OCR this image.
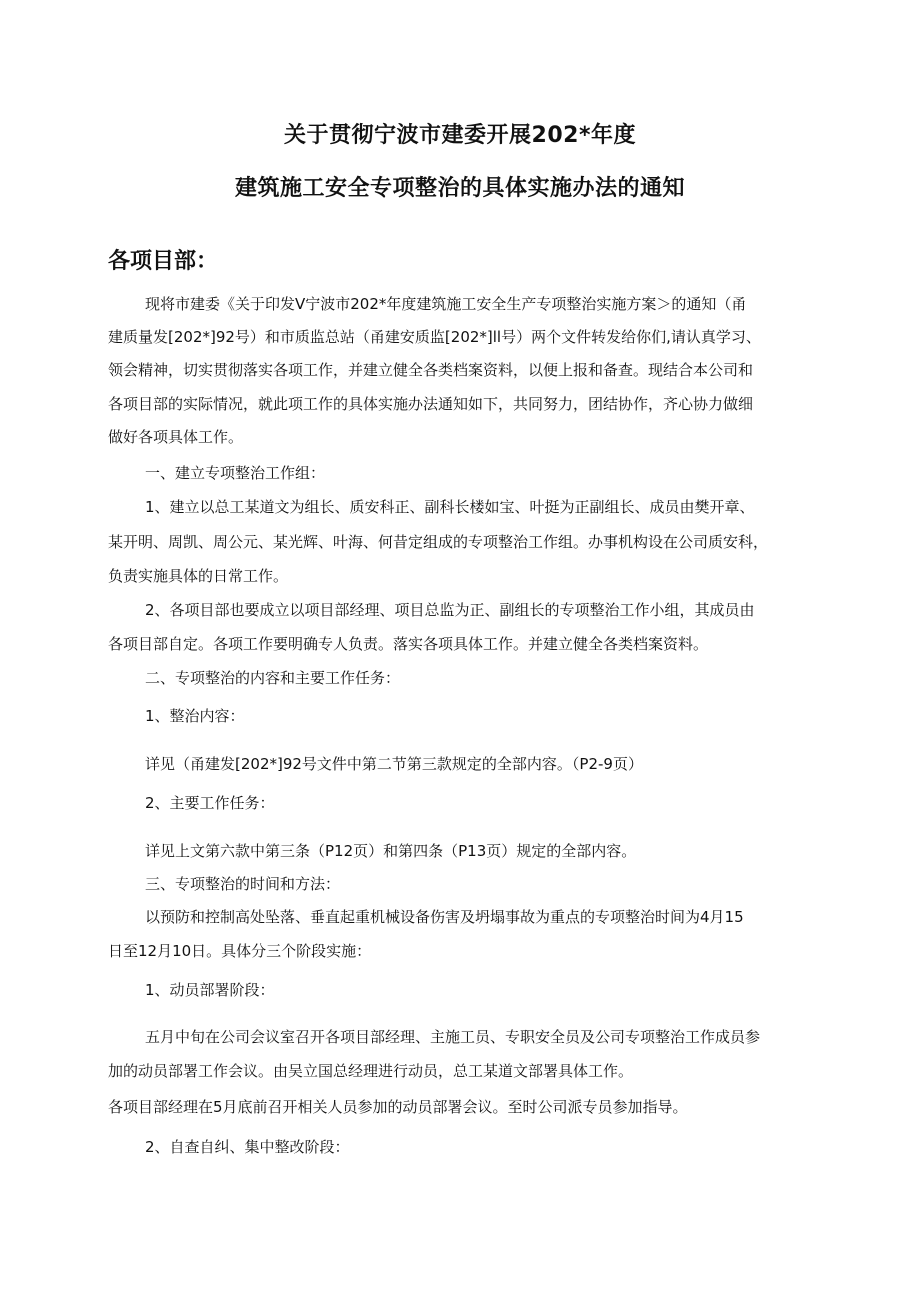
关于贯彻宁波市建委开展202*年度
建筑施工安全专项整治的具体实施办法的通知
各项目部：
现将市建委《关于印发Ⅴ宁波市202*年度建筑施工安全生产专项整治实施方案＞的通知（甬
建质量发[202*]92号）和市质监总站（甬建安质监[202*]ll号）两个文件转发给你们,请认真学习、
领会精神，切实贯彻落实各项工作，并建立健全各类档案资料，以便上报和备查。现结合本公司和
各项目部的实际情况，就此项工作的具体实施办法通知如下，共同努力，团结协作，齐心协力做细
做好各项具体工作。
一、建立专项整治工作组：
1、建立以总工某道文为组长、质安科正、副科长楼如宝、叶挺为正副组长、成员由樊开章、
某开明、周凯、周公元、某光辉、叶海、何昔定组成的专项整治工作组。办事机构设在公司质安科，
负责实施具体的日常工作。
2、各项目部也要成立以项目部经理、项目总监为正、副组长的专项整治工作小组，其成员由
各项目部自定。各项工作要明确专人负责。落实各项具体工作。并建立健全各类档案资料。
二、专项整治的内容和主要工作任务：
1、整治内容：
详见（甬建发[202*]92号文件中第二节第三款规定的全部内容。（P2-9页）
2、主要工作任务：
详见上文第六款中第三条（P12页）和第四条（P13页）规定的全部内容。
三、专项整治的时间和方法：
以预防和控制高处坠落、垂直起重机械设备伤害及坍塌事故为重点的专项整治时间为4月15
日至12月10日。具体分三个阶段实施：
1、动员部署阶段：
五月中旬在公司会议室召开各项目部经理、主施工员、专职安全员及公司专项整治工作成员参
加的动员部署工作会议。由吴立国总经理进行动员，总工某道文部署具体工作。
各项目部经理在5月底前召开相关人员参加的动员部署会议。至时公司派专员参加指导。
2、自查自纠、集中整改阶段：
